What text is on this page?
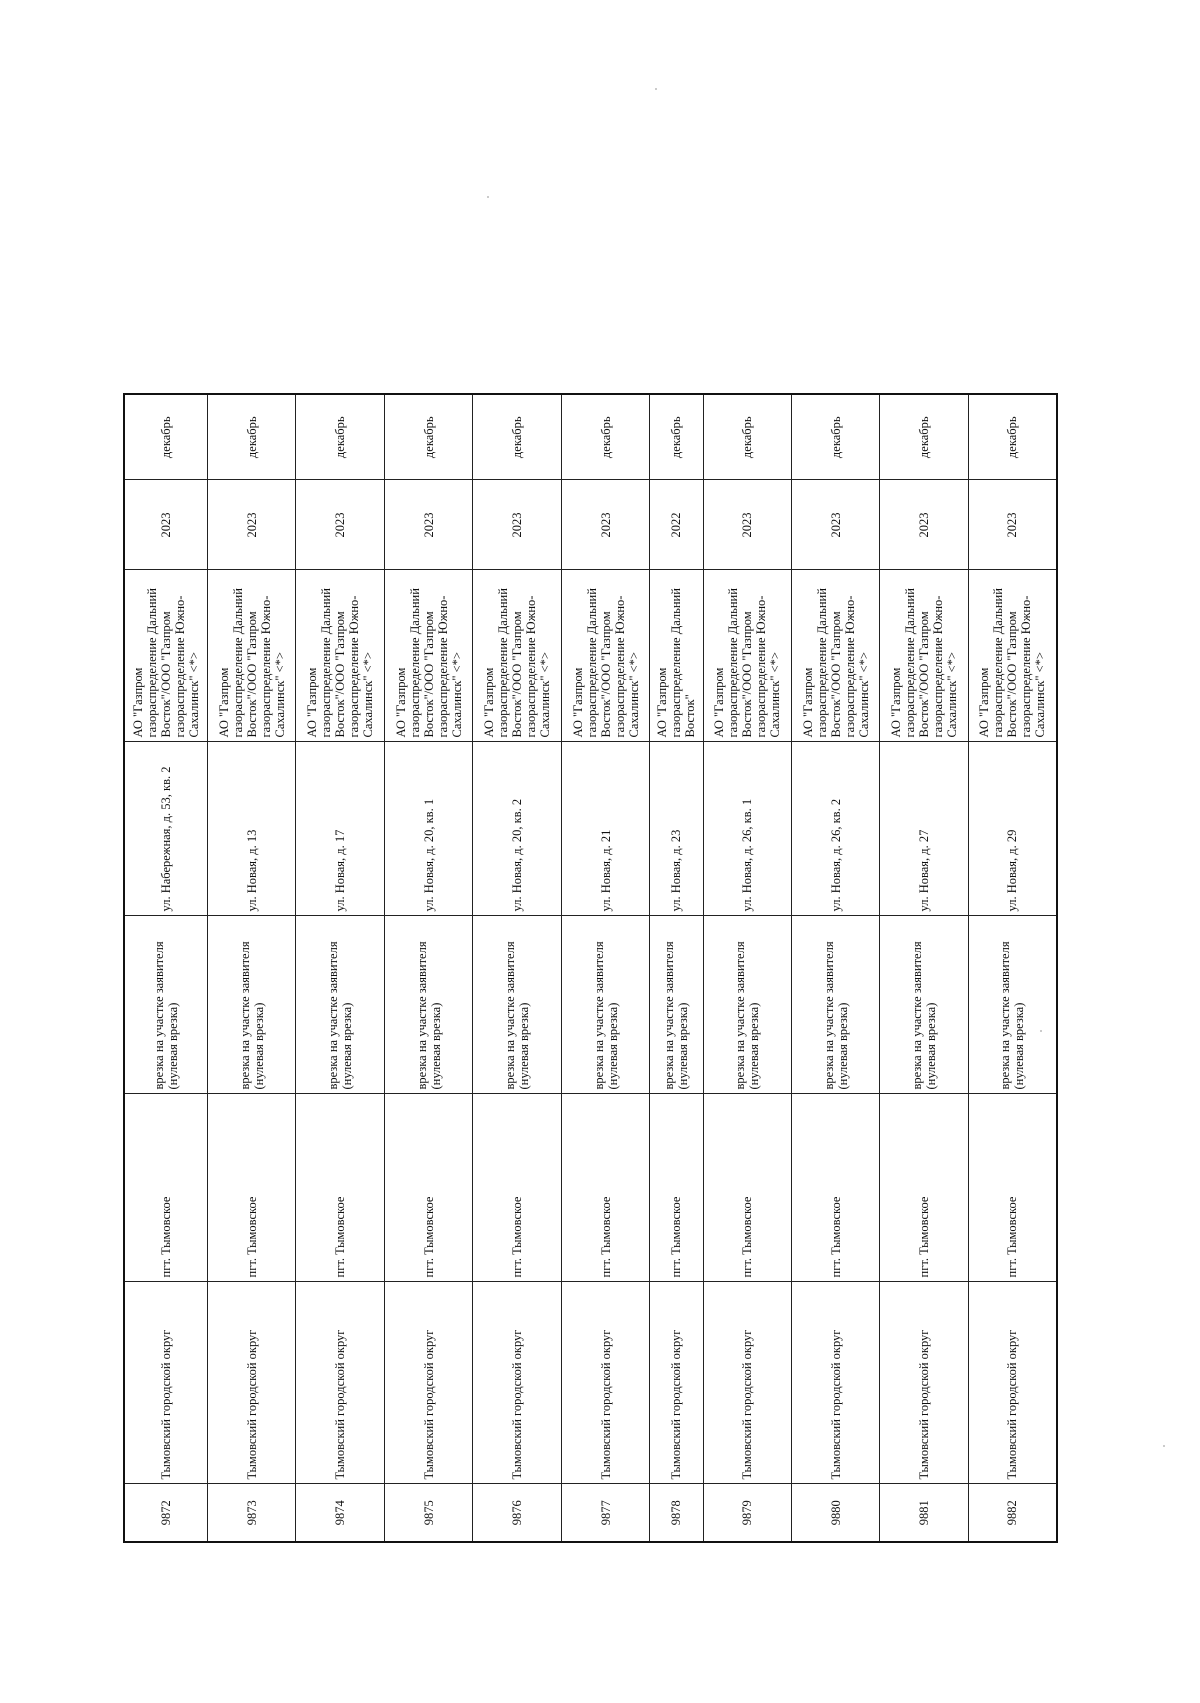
9872	Тымовский городской округ	пгт. Тымовское	врезка на участке заявителя (нулевая врезка)	ул. Набережная, д. 53, кв. 2	АО "Газпром газораспределение Дальний Восток"/ООО "Газпром газораспределение Южно-Сахалинск" <*>	2023	декабрь
9873	Тымовский городской округ	пгт. Тымовское	врезка на участке заявителя (нулевая врезка)	ул. Новая, д. 13	АО "Газпром газораспределение Дальний Восток"/ООО "Газпром газораспределение Южно-Сахалинск" <*>	2023	декабрь
9874	Тымовский городской округ	пгт. Тымовское	врезка на участке заявителя (нулевая врезка)	ул. Новая, д. 17	АО "Газпром газораспределение Дальний Восток"/ООО "Газпром газораспределение Южно-Сахалинск" <*>	2023	декабрь
9875	Тымовский городской округ	пгт. Тымовское	врезка на участке заявителя (нулевая врезка)	ул. Новая, д. 20, кв. 1	АО "Газпром газораспределение Дальний Восток"/ООО "Газпром газораспределение Южно-Сахалинск" <*>	2023	декабрь
9876	Тымовский городской округ	пгт. Тымовское	врезка на участке заявителя (нулевая врезка)	ул. Новая, д. 20, кв. 2	АО "Газпром газораспределение Дальний Восток"/ООО "Газпром газораспределение Южно-Сахалинск" <*>	2023	декабрь
9877	Тымовский городской округ	пгт. Тымовское	врезка на участке заявителя (нулевая врезка)	ул. Новая, д. 21	АО "Газпром газораспределение Дальний Восток"/ООО "Газпром газораспределение Южно-Сахалинск" <*>	2023	декабрь
9878	Тымовский городской округ	пгт. Тымовское	врезка на участке заявителя (нулевая врезка)	ул. Новая, д. 23	АО "Газпром газораспределение Дальний Восток"	2022	декабрь
9879	Тымовский городской округ	пгт. Тымовское	врезка на участке заявителя (нулевая врезка)	ул. Новая, д. 26, кв. 1	АО "Газпром газораспределение Дальний Восток"/ООО "Газпром газораспределение Южно-Сахалинск" <*>	2023	декабрь
9880	Тымовский городской округ	пгт. Тымовское	врезка на участке заявителя (нулевая врезка)	ул. Новая, д. 26, кв. 2	АО "Газпром газораспределение Дальний Восток"/ООО "Газпром газораспределение Южно-Сахалинск" <*>	2023	декабрь
9881	Тымовский городской округ	пгт. Тымовское	врезка на участке заявителя (нулевая врезка)	ул. Новая, д. 27	АО "Газпром газораспределение Дальний Восток"/ООО "Газпром газораспределение Южно-Сахалинск" <*>	2023	декабрь
9882	Тымовский городской округ	пгт. Тымовское	врезка на участке заявителя (нулевая врезка)	ул. Новая, д. 29	АО "Газпром газораспределение Дальний Восток"/ООО "Газпром газораспределение Южно-Сахалинск" <*>	2023	декабрь
